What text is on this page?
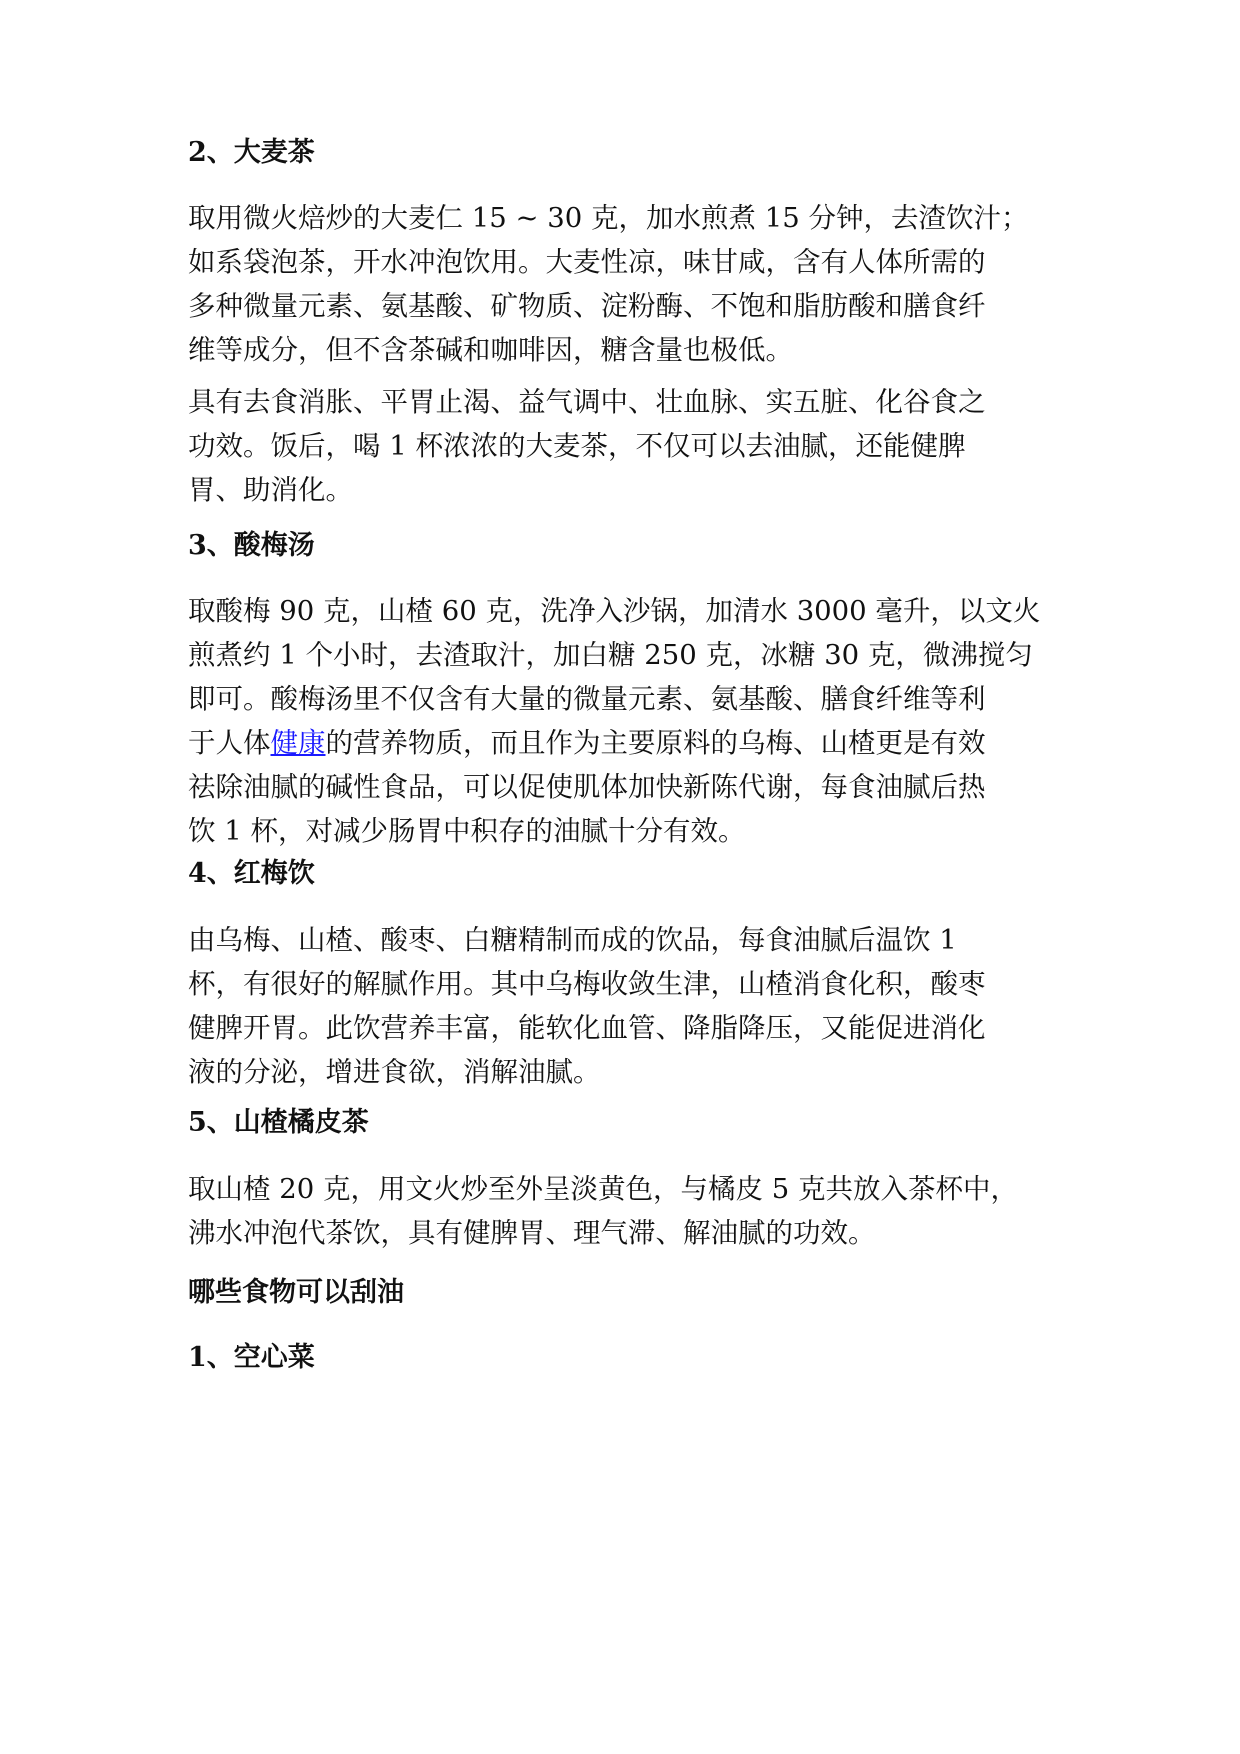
2、大麦茶

取用微火焙炒的大麦仁 15 ~ 30 克，加水煎煮 15 分钟，去渣饮汁；
如系袋泡茶，开水冲泡饮用。大麦性凉，味甘咸，含有人体所需的
多种微量元素、氨基酸、矿物质、淀粉酶、不饱和脂肪酸和膳食纤
维等成分，但不含茶碱和咖啡因，糖含量也极低。

具有去食消胀、平胃止渴、益气调中、壮血脉、实五脏、化谷食之
功效。饭后，喝 1 杯浓浓的大麦茶，不仅可以去油腻，还能健脾
胃、助消化。

3、酸梅汤

取酸梅 90 克，山楂 60 克，洗净入沙锅，加清水 3000 毫升，以文火
煎煮约 1 个小时，去渣取汁，加白糖 250 克，冰糖 30 克，微沸搅匀
即可。酸梅汤里不仅含有大量的微量元素、氨基酸、膳食纤维等利
于人体健康的营养物质，而且作为主要原料的乌梅、山楂更是有效
祛除油腻的碱性食品，可以促使肌体加快新陈代谢，每食油腻后热
饮 1 杯，对减少肠胃中积存的油腻十分有效。

4、红梅饮

由乌梅、山楂、酸枣、白糖精制而成的饮品，每食油腻后温饮 1
杯，有很好的解腻作用。其中乌梅收敛生津，山楂消食化积，酸枣
健脾开胃。此饮营养丰富，能软化血管、降脂降压，又能促进消化
液的分泌，增进食欲，消解油腻。

5、山楂橘皮茶

取山楂 20 克，用文火炒至外呈淡黄色，与橘皮 5 克共放入茶杯中，
沸水冲泡代茶饮，具有健脾胃、理气滞、解油腻的功效。

哪些食物可以刮油
1、空心菜
